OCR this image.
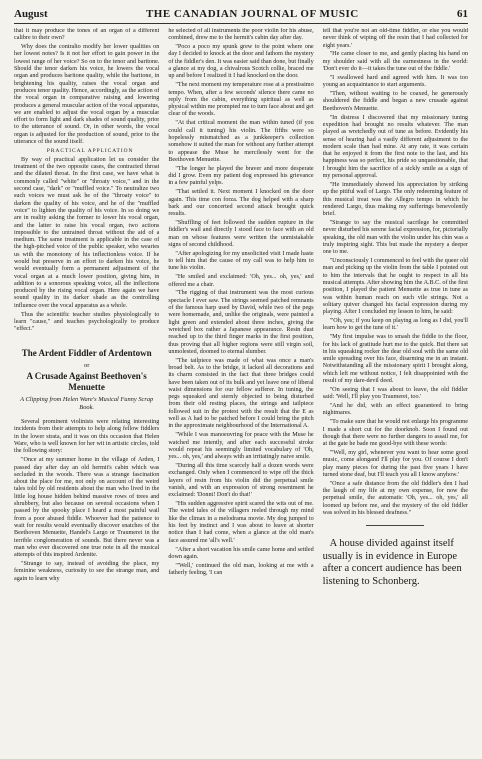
August	THE CANADIAN JOURNAL OF MUSIC	61

that it may produce the tones of an organ of a different calibre to their own?

Why does the contralto modify her lower qualities on her lowest notes? Is it not her effort to gain power in the lowest range of her voice? So on to the tenor and baritone. Should the tenor darken his voice, he lowers the vocal organ and produces baritone quality, while the baritone, in brightening his quality, raises the vocal organ and produces tenor quality. Hence, accordingly, as the action of the vocal organ in comparative raising and lowering produces a general muscular action of the vocal apparatus, we are enabled to adjust the vocal organ by a muscular effort to form light and dark shades of sound quality, prior to the utterance of sound. Or, in other words, the vocal organ is adjusted for the production of sound, prior to the utterance of the sound itself.

PRACTICAL APPLICATION

By way of practical application let us consider the treatment of the two opposite cases, the contracted throat and the dilated throat. In the first case, we have what is commonly called "white" or "throaty voice," and in the second case, "dark" or "muffled voice." To neutralize two such voices we must ask he of the "throaty voice" to darken the quality of his voice, and he of the "muffled voice" to lighten the quality of his voice. In so doing we are in reality asking the former to lower his vocal organ, and the latter to raise his vocal organ, two actions impossible to the untrained throat without the aid of a medium. The same treatment is applicable in the case of the high-pitched voice of the public speaker, who wearies us with the monotony of his inflectionless voice. If he would but preserve in an effort to darken his voice, he would eventually form a permanent adjustment of the vocal organ at a much lower position, giving him, in addition to a sonorous speaking voice, all the inflections produced by the rising vocal organ. Here again we have sound quality in its darker shade as the controlling influence over the vocal apparatus as a whole.

Thus the scientific teacher studies physiologically to learn "cause," and teaches psychologically to produce "effect."

The Ardent Fiddler of Ardentown
or
A Crusade Against Beethoven's Menuette
A Clipping from Helen Ware's Musical Funny Scrap Book.

Several prominent violinists were relating interesting incidents from their attempts to help along fellow fiddlers in the lower strata, and it was on this occasion that Helen Ware, who is well known for her wit in artistic circles, told the following story:

"Once at my summer home in the village of Arden, I passed day after day an old hermit's cabin which was secluded in the woods. There was a strange fascination about the place for me, not only on account of the weird tales told by old residents about the man who lived in the little log house hidden behind massive rows of trees and shrubbery, but also because on several occasions when I passed by the spooky place I heard a most painful wail from a poor abused fiddle. Whoever had the patience to wait for results would eventually discover snatches of the Beethoven Menuette, Handel's Largo or Traumerei in the terrible conglomeration of sounds. But there never was a man who ever discovered one true note in all the musical attempts of this inspired Ardenite.

"Strange to say, instead of avoiding the place, my feminine weakness, curiosity to see the strange man, and again to learn why

he selected of all instruments the poor violin for his abuse, combined, drew me to the hermit's cabin day after day.

"Poco a poco my spunk grew to the point where one day I decided to knock at the door and fathom the mystery of the fiddler's den. It was easier said than done, but finally a glance at my dog, a chivalrous Scotch collie, braced me up and before I realized it I had knocked on the door.

"The next moment my temperature rose at a prestissimo tempo. When, after a few seconds' silence there came no reply from the cabin, everything spiritual as well as physical within me prompted me to turn face about and get clear of the woods.

"At that critical moment the man within tuned (if you could call it tuning) his violin. The fifths were so hopelessly mismatched as a junkkeeper's collection somehow it suited the man for without any further attempt to appease the Muse he mercilessly went for the Beethoven Menuette.

"The longer he played the braver and more desperate did I grow. Even my patient dog expressed his grievance in a few painful yelps.

"That settled it. Next moment I knocked on the door again. This time con forza. The dog helped with a sharp bark and our concerted second attack brought quick results.

"Shuffling of feet followed the sudden rupture in the fiddler's wail and directly I stood face to face with an old man on whose features were written the unmistakable signs of second childhood.

"After apologizing for my unsolicited visit I made haste to tell him that the cause of my call was to help him to tune his violin.

"He smiled and exclaimed: 'Oh, yes... oh, yes,' and offered me a chair.

"The rigging of that instrument was the most curious spectacle I ever saw. The strings seemed patched remnants of the famous harp used by David, while two of the pegs were homemade, and, unlike the originals, were painted a light green and extended about three inches, giving the wretched box rather a Japanese appearance. Resin dust reached up to the third finger marks in the first position, thus proving that all higher regions were still virgin soil, unmolested, doomed to eternal slumber.

"The tailpiece was made of what was once a man's broad belt. As to the bridge, it lacked all decorations and its charm consisted in the fact that three bridges could have been taken out of its bulk and yet leave one of liberal waist dimensions for our fellow sufferer. In tuning, the pegs squeaked and sternly objected to being disturbed from their old resting places, the strings and tailpiece followed suit in the protest with the result that the E as well as A had to be patched before I could bring the pitch in the approximate neighbourhood of the International A.

"While I was manoeuvring for peace with the Muse he watched me intently, and after each successful stroke would repeat his seemingly limited vocabulary of 'Oh, yes... oh, yes,' and always with an irritatingly naive smile.

"During all this time scarcely half a dozen words were exchanged. Only when I commenced to wipe off the thick layers of resin from his violin did the perpetual smile vanish, and with an expression of strong resentment he exclaimed: 'Donnt! Don't do that!'

"His sudden aggressive spirit scared the wits out of me. The weird tales of the villagers reeled through my mind like the climax in a melodrama movie. My dog jumped to his feet by instinct and I was about to leave at shorter notice than I had come, when a glance at the old man's face assured me 'all's well.'

"After a short vacation his smile came home and settled down again.

"'Well,' continued the old man, looking at me with a fatherly feeling, 'I can

tell that you're not an old-time fiddler, or else you would never think of wiping off the resin that I had collected for eight years.'

"He came closer to me, and gently placing his hand on my shoulder said with all the earnestness in the world: 'Don't ever do it—it takes the tune out of the fiddle.'

"I swallowed hard and agreed with him. It was too young an acquaintance to start arguments.

"Then, without waiting to be coaxed, he generously shouldered the fiddle and began a new crusade against Beethoven's Menuette.

"In distress I discovered that my missionary tuning expedition had brought no results whatever. The man played as wretchedly out of tune as before. Evidently his sense of hearing had a vastly different adjustment to the modern scale than had mine. At any rate, it was certain that he enjoyed it from the first note to the last, and his happiness was so perfect, his pride so unquestionable, that I brought him the sacrifice of a sickly smile as a sign of my personal approval.

"He immediately showed his appreciation by striking up the pitiful wail of Largo. The only redeeming feature of this musical treat was the Allegro tempo in which he rendered Largo, thus making my sufferings benevolently brief.

"Strange to say the musical sacrilege he committed never disturbed his serene facial expression, for, pictorially speaking, the old man with the violin under his chin was a truly inspiring sight. This but made the mystery a deeper one to me.

"Unconsciously I commenced to feel with the queer old man and picking up the violin from the table I pointed out to him the intervals that he ought to respect in all his musical attempts. After showing him the A.B.C. of the first position, I played the patient Menuette as true in tune as was within human reach on such vile strings. Not a solitary quiver changed his facial expression during my playing. After I concluded my lesson to him, he said:

"'Oh, yes; if you keep on playing as long as I did, you'll learn how to get the tune of it.'

"My first impulse was to smash the fiddle to the floor, for his lack of gratitude hurt me to the quick. But there sat in his squeaking rocker the dear old soul with the same old smile spreading over his face, disarming me in an instant. Notwithstanding all the missionary spirit I brought along, which left me without notice, I felt disappointed with the result of my dare-devil deed.

"On seeing that I was about to leave, the old fiddler said: 'Well, I'll play you Traumerei, too.'

"And he did, with an effect guaranteed to bring nightmares.

"To make sure that he would not enlarge his programme I made a short cut for the doorknob. Soon I found out though that there were no further dangers to assail me, for at the gate he bade me good-bye with these words:

"'Well, my girl, whenever you want to hear some good music, come alongand I'll play for you. Of course I don't play many pieces for during the past five years I have turned stone deaf, but I'll teach you all I know anyhow.'

"Once a safe distance from the old fiddler's den I had the laugh of my life at my own expense, for now the perpetual smile, the automatic 'Oh, yes... oh, yes,' all loomed up before me, and the mystery of the old fiddler was solved in his blessed deafness."

A house divided against itself usually is in evidence in Europe after a concert audience has been listening to Schonberg.
